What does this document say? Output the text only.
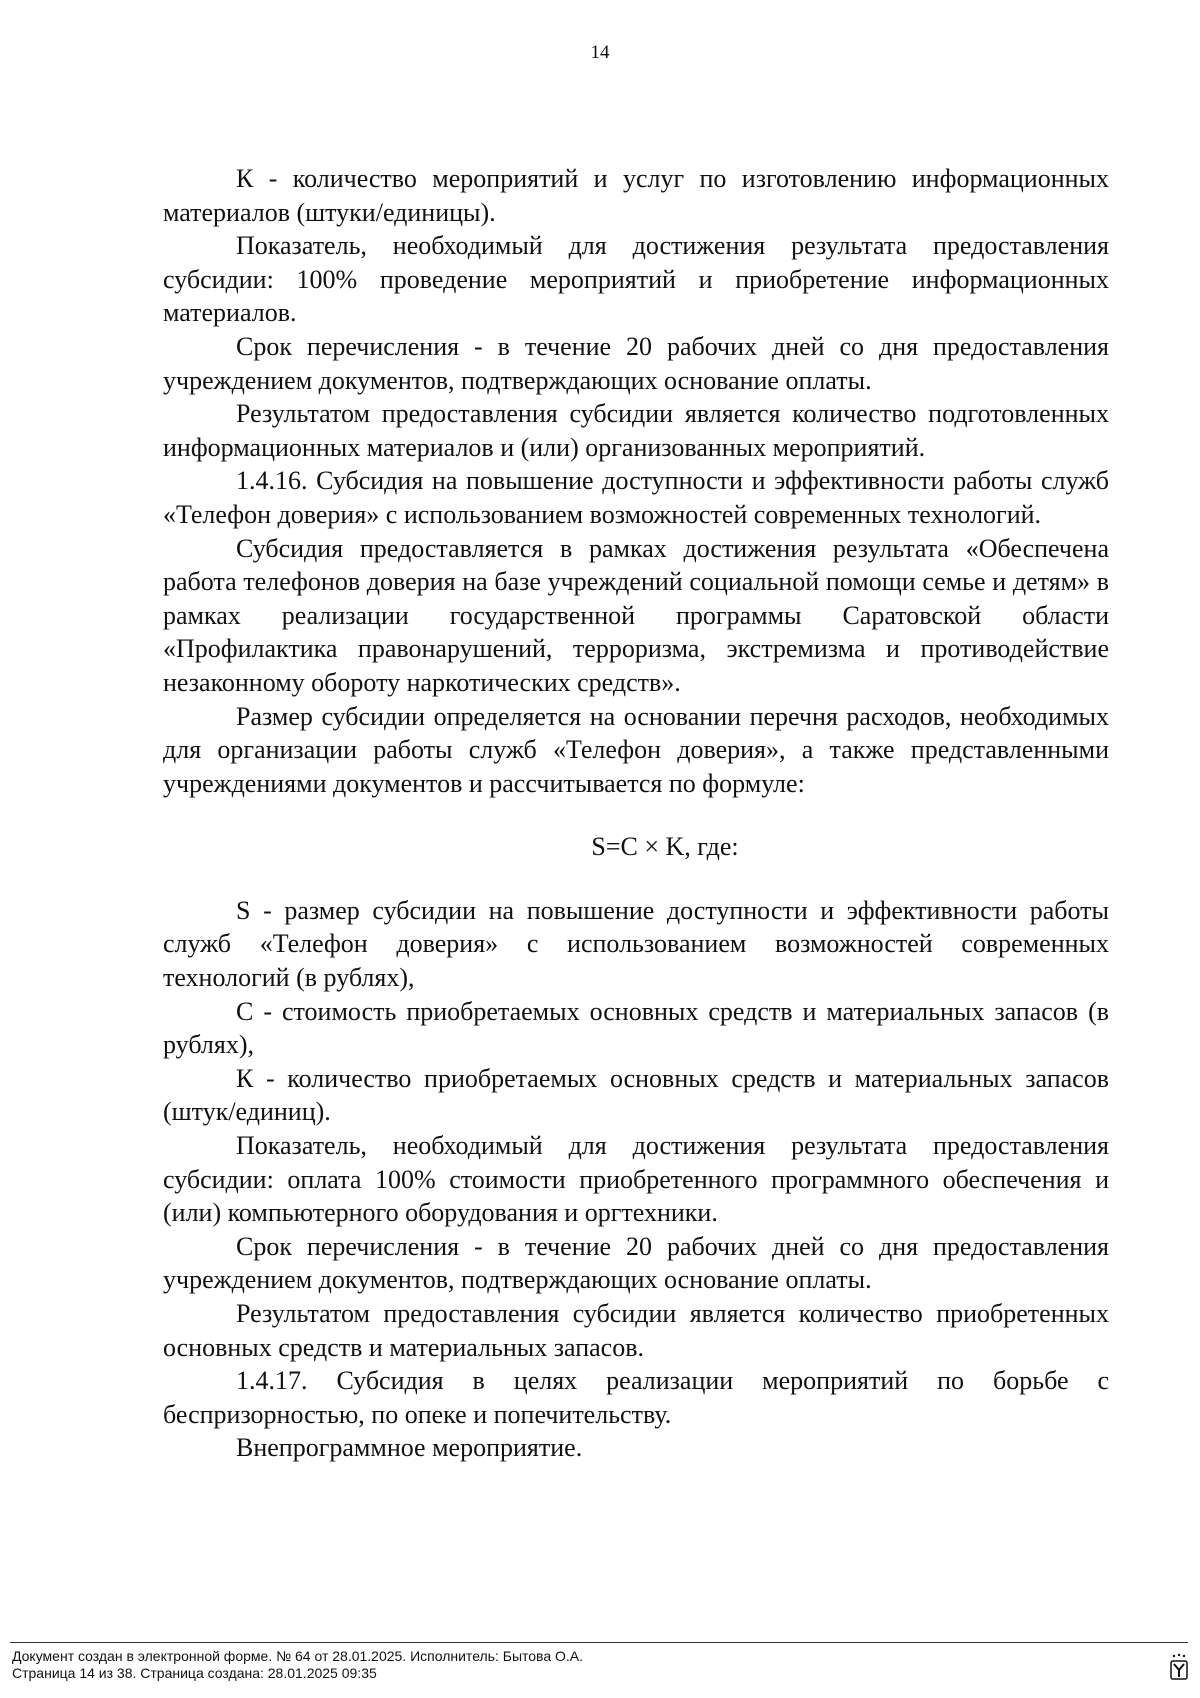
14

К - количество мероприятий и услуг по изготовлению информационных материалов (штуки/единицы).

Показатель, необходимый для достижения результата предоставления субсидии: 100% проведение мероприятий и приобретение информационных материалов.

Срок перечисления - в течение 20 рабочих дней со дня предоставления учреждением документов, подтверждающих основание оплаты.

Результатом предоставления субсидии является количество подготовленных информационных материалов и (или) организованных мероприятий.

1.4.16. Субсидия на повышение доступности и эффективности работы служб «Телефон доверия» с использованием возможностей современных технологий.

Субсидия предоставляется в рамках достижения результата «Обеспечена работа телефонов доверия на базе учреждений социальной помощи семье и детям» в рамках реализации государственной программы Саратовской области «Профилактика правонарушений, терроризма, экстремизма и противодействие незаконному обороту наркотических средств».

Размер субсидии определяется на основании перечня расходов, необходимых для организации работы служб «Телефон доверия», а также представленными учреждениями документов и рассчитывается по формуле:

S=C × K, где:

S - размер субсидии на повышение доступности и эффективности работы служб «Телефон доверия» с использованием возможностей современных технологий (в рублях),

С - стоимость приобретаемых основных средств и материальных запасов (в рублях),

К - количество приобретаемых основных средств и материальных запасов (штук/единиц).

Показатель, необходимый для достижения результата предоставления субсидии: оплата 100% стоимости приобретенного программного обеспечения и (или) компьютерного оборудования и оргтехники.

Срок перечисления - в течение 20 рабочих дней со дня предоставления учреждением документов, подтверждающих основание оплаты.

Результатом предоставления субсидии является количество приобретенных основных средств и материальных запасов.

1.4.17. Субсидия в целях реализации мероприятий по борьбе с беспризорностью, по опеке и попечительству.

Внепрограммное мероприятие.

Документ создан в электронной форме. № 64 от 28.01.2025. Исполнитель: Бытова О.А.
Страница 14 из 38. Страница создана: 28.01.2025 09:35
